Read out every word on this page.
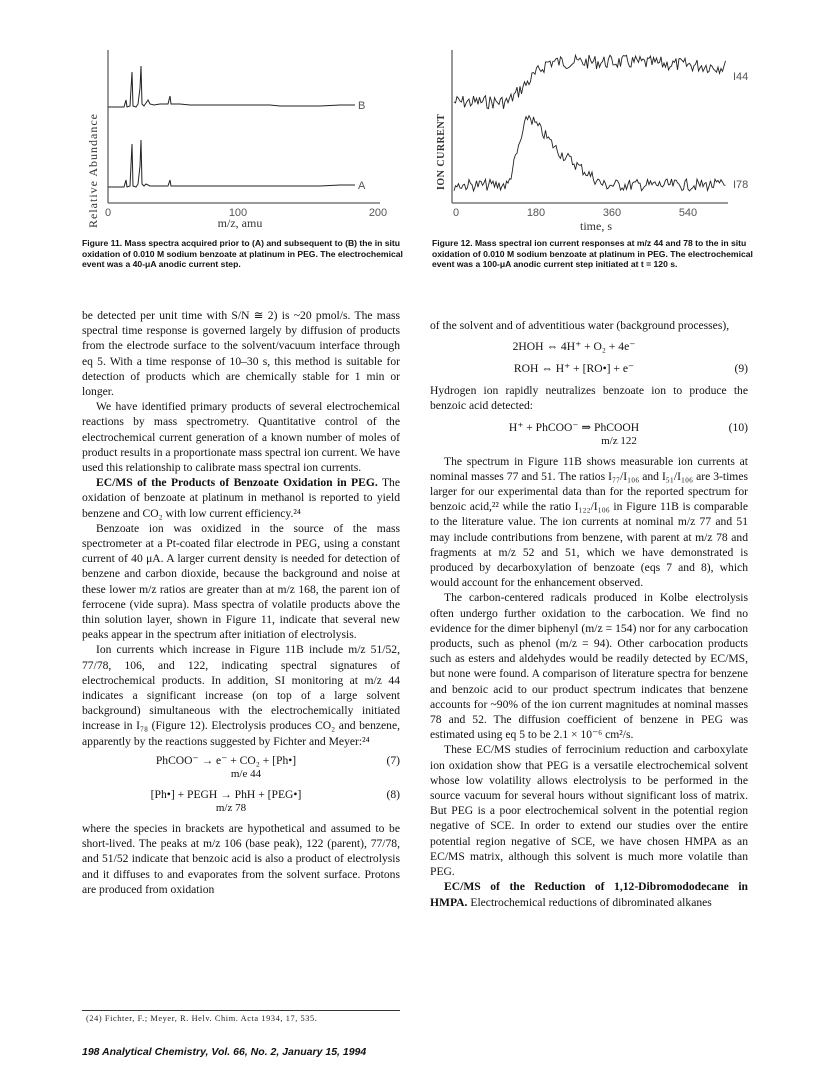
Relative Abundance
B
A
0	100	200
m/z, amu
Figure 11. Mass spectra acquired prior to (A) and subsequent to (B) the in situ oxidation of 0.010 M sodium benzoate at platinum in PEG. The electrochemical event was a 40-μA anodic current step.
ION CURRENT
I44
I78
0	180	360	540
time, s
Figure 12. Mass spectral ion current responses at m/z 44 and 78 to the in situ oxidation of 0.010 M sodium benzoate at platinum in PEG. The electrochemical event was a 100-μA anodic current step initiated at t = 120 s.

be detected per unit time with S/N ≅ 2) is ~20 pmol/s. The mass spectral time response is governed largely by diffusion of products from the electrode surface to the solvent/vacuum interface through eq 5. With a time response of 10–30 s, this method is suitable for detection of products which are chemically stable for 1 min or longer.

We have identified primary products of several electrochemical reactions by mass spectrometry. Quantitative control of the electrochemical current generation of a known number of moles of product results in a proportionate mass spectral ion current. We have used this relationship to calibrate mass spectral ion currents.

EC/MS of the Products of Benzoate Oxidation in PEG. The oxidation of benzoate at platinum in methanol is reported to yield benzene and CO₂ with low current efficiency.²⁴

Benzoate ion was oxidized in the source of the mass spectrometer at a Pt-coated filar electrode in PEG, using a constant current of 40 μA. A larger current density is needed for detection of benzene and carbon dioxide, because the background and noise at these lower m/z ratios are greater than at m/z 168, the parent ion of ferrocene (vide supra). Mass spectra of volatile products above the thin solution layer, shown in Figure 11, indicate that several new peaks appear in the spectrum after initiation of electrolysis.

Ion currents which increase in Figure 11B include m/z 51/52, 77/78, 106, and 122, indicating spectral signatures of electrochemical products. In addition, SI monitoring at m/z 44 indicates a significant increase (on top of a large solvent background) simultaneous with the electrochemically initiated increase in I₇₈ (Figure 12). Electrolysis produces CO₂ and benzene, apparently by the reactions suggested by Fichter and Meyer:²⁴

PhCOO⁻ → e⁻ + CO₂ + [Ph•]
m/e 44
(7)
[Ph•] + PEGH → PhH + [PEG•]
m/z 78
(8)

where the species in brackets are hypothetical and assumed to be short-lived. The peaks at m/z 106 (base peak), 122 (parent), 77/78, and 51/52 indicate that benzoic acid is also a product of electrolysis and it diffuses to and evaporates from the solvent surface. Protons are produced from oxidation

(24) Fichter, F.; Meyer, R. Helv. Chim. Acta 1934, 17, 535.

of the solvent and of adventitious water (background processes),

2HOH ⇔ 4H⁺ + O₂ + 4e⁻
ROH ⇔ H⁺ + [RO•] + e⁻	(9)

Hydrogen ion rapidly neutralizes benzoate ion to produce the benzoic acid detected:

H⁺ + PhCOO⁻ ⇒ PhCOOH
m/z 122
(10)

The spectrum in Figure 11B shows measurable ion currents at nominal masses 77 and 51. The ratios I₇₇/I₁₀₆ and I₅₁/I₁₀₆ are 3-times larger for our experimental data than for the reported spectrum for benzoic acid,²² while the ratio I₁₂₂/I₁₀₆ in Figure 11B is comparable to the literature value. The ion currents at nominal m/z 77 and 51 may include contributions from benzene, with parent at m/z 78 and fragments at m/z 52 and 51, which we have demonstrated is produced by decarboxylation of benzoate (eqs 7 and 8), which would account for the enhancement observed.

The carbon-centered radicals produced in Kolbe electrolysis often undergo further oxidation to the carbocation. We find no evidence for the dimer biphenyl (m/z = 154) nor for any carbocation products, such as phenol (m/z = 94). Other carbocation products such as esters and aldehydes would be readily detected by EC/MS, but none were found. A comparison of literature spectra for benzene and benzoic acid to our product spectrum indicates that benzene accounts for ~90% of the ion current magnitudes at nominal masses 78 and 52. The diffusion coefficient of benzene in PEG was estimated using eq 5 to be 2.1 × 10⁻⁶ cm²/s.

These EC/MS studies of ferrocinium reduction and carboxylate ion oxidation show that PEG is a versatile electrochemical solvent whose low volatility allows electrolysis to be performed in the source vacuum for several hours without significant loss of matrix. But PEG is a poor electrochemical solvent in the potential region negative of SCE. In order to extend our studies over the entire potential region negative of SCE, we have chosen HMPA as an EC/MS matrix, although this solvent is much more volatile than PEG.

EC/MS of the Reduction of 1,12-Dibromododecane in HMPA. Electrochemical reductions of dibrominated alkanes

198 Analytical Chemistry, Vol. 66, No. 2, January 15, 1994
